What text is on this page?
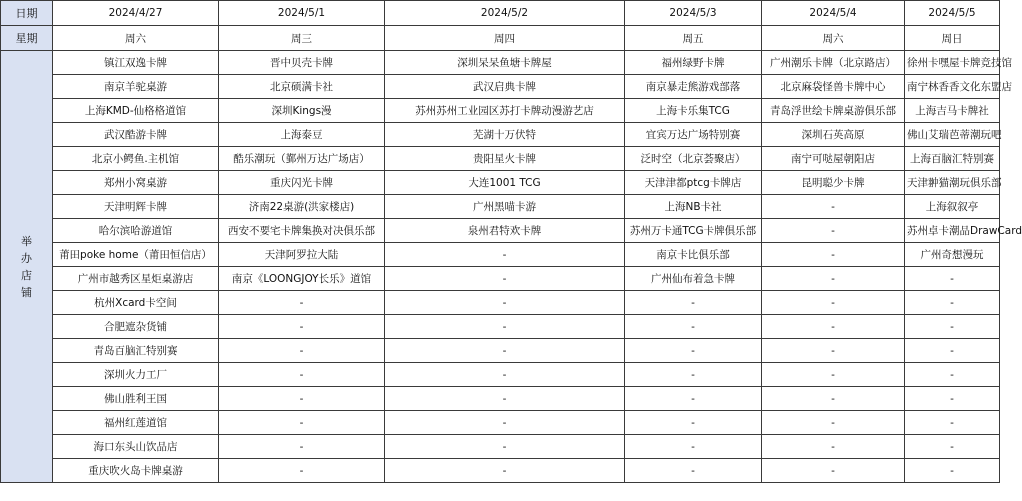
日期	2024/4/27	2024/5/1	2024/5/2	2024/5/3	2024/5/4	2024/5/5
星期	周六	周三	周四	周五	周六	周日

举
办
店
铺	镇江双逸卡牌	晋中贝壳卡牌	深圳呆呆鱼塘卡牌屋	福州绿野卡牌	广州潮乐卡牌（北京路店）	徐州卡嘿屋卡牌竞技馆
	南京羊驼桌游	北京硕满卡社	武汉启典卡牌	南京暴走熊游戏部落	北京麻袋怪兽卡牌中心	南宁林香香文化东盟店
	上海KMD-仙格格道馆	深圳Kings漫	苏州苏州工业园区苏打卡牌动漫游艺店	上海卡乐集TCG	青岛浮世绘卡牌桌游俱乐部	上海吉马卡牌社
	武汉酷游卡牌	上海泰豆	芜湖十万伏特	宜宾万达广场特别赛	深圳石英高原	佛山艾瑞芭蒂潮玩吧
	北京小鳄鱼.主机馆	酷乐潮玩（鄞州万达广场店）	贵阳星火卡牌	泛时空（北京荟聚店）	南宁可哒屋朝阳店	上海百脑汇特别赛
	郑州小窝桌游	重庆闪光卡牌	大连1001 TCG	天津津都ptcg卡牌店	昆明聪少卡牌	天津翀猫潮玩俱乐部
	天津明辉卡牌	济南22桌游(洪家楼店)	广州黑喵卡游	上海NB卡社	-	上海叙叙亭
	哈尔滨哈游道馆	西安不要宅卡牌集换对决俱乐部	泉州君特欢卡牌	苏州万卡通TCG卡牌俱乐部	-	苏州卓卡潮品DrawCard
	莆田poke home（莆田恒信店）	天津阿罗拉大陆	-	南京卡比俱乐部	-	广州奇想漫玩
	广州市越秀区星炬桌游店	南京《LOONGJOY长乐》道馆	-	广州仙布着急卡牌	-	-
	杭州Xcard卡空间	-	-	-	-	-
	合肥遮杂货铺	-	-	-	-	-
	青岛百脑汇特别赛	-	-	-	-	-
	深圳火力工厂	-	-	-	-	-
	佛山胜利王国	-	-	-	-	-
	福州红莲道馆	-	-	-	-	-
	海口东头山饮品店	-	-	-	-	-
	重庆吹火岛卡牌桌游	-	-	-	-	-
